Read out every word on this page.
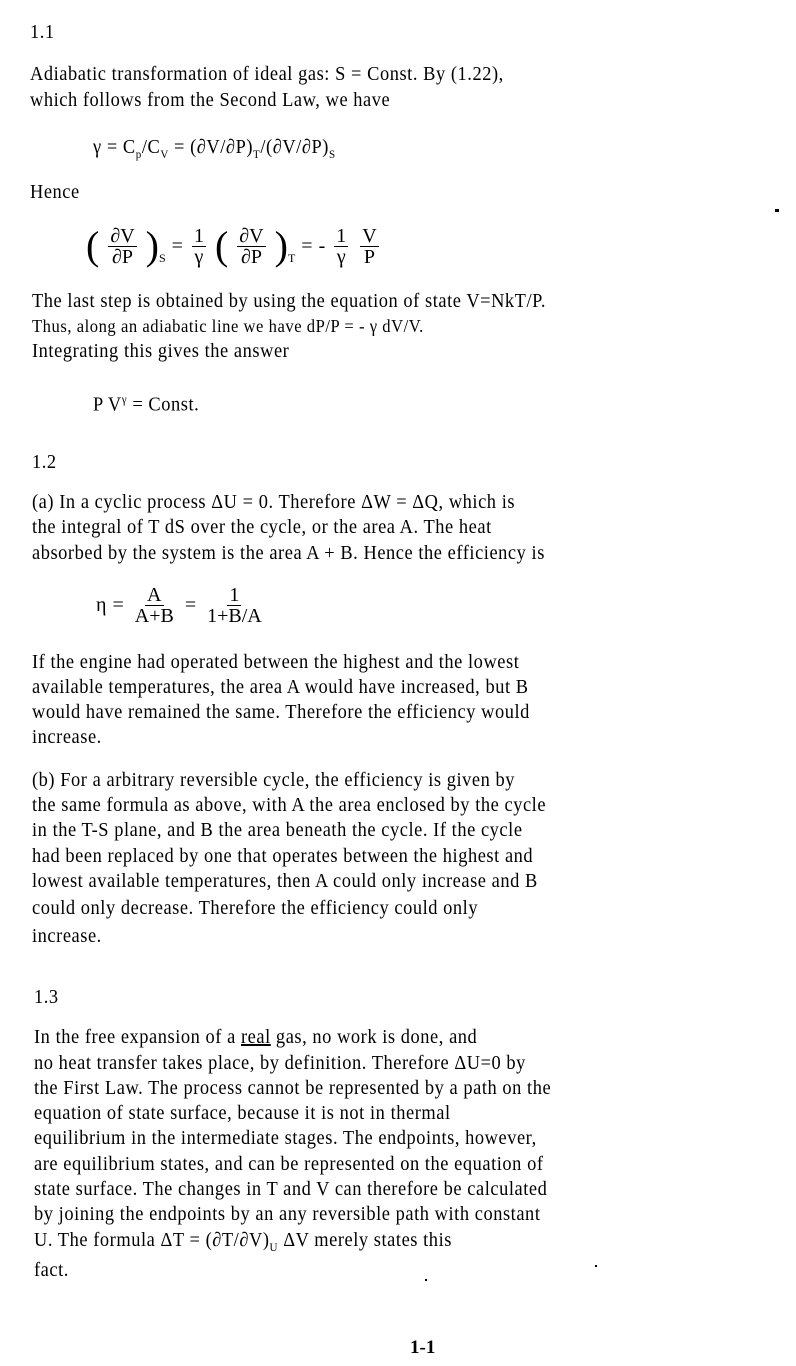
1.1
Adiabatic transformation of ideal gas: S = Const. By (1.22),
which follows from the Second Law, we have
$\gamma = C_p/C_V = (\partial V/\partial P)_T/(\partial V/\partial P)_S$
Hence
( $\frac{\partial V}{\partial P} )_S$
= $\frac{1}{\gamma}$ ( $\frac{\partial V}{\partial P} )_T$
= - $\frac{1}{\gamma} \frac{V}{P}$
The last step is obtained by using the equation of state V=NkT/P.
Thus, along an adiabatic line we have dP/P = - γ dV/V.
Integrating this gives the answer
P $V^\gamma$ = Const.
1.2
(a) In a cyclic process ΔU = 0. Therefore ΔW = ΔQ, which is
the integral of T dS over the cycle, or the area A. The heat
absorbed by the system is the area A + B. Hence the efficiency is
$\eta = \frac{A}{A+B} = \frac{1}{1+B/A}$
If the engine had operated between the highest and the lowest
available temperatures, the area A would have increased, but B
would have remained the same. Therefore the efficiency would
increase.
(b) For a arbitrary reversible cycle, the efficiency is given by
the same formula as above, with A the area enclosed by the cycle
in the T-S plane, and B the area beneath the cycle. If the cycle
had been replaced by one that operates between the highest and
lowest available temperatures, then A could only increase and B
could only decrease. Therefore the efficiency could only
increase.
1.3
In the free expansion of a real gas, no work is done, and
no heat transfer takes place, by definition. Therefore ΔU=0 by
the First Law. The process cannot be represented by a path on the
equation of state surface, because it is not in thermal
equilibrium in the intermediate stages. The endpoints, however,
are equilibrium states, and can be represented on the equation of
state surface. The changes in T and V can therefore be calculated
by joining the endpoints by an any reversible path with constant
U. The formula $\Delta T = (\partial T/\partial V)_U$ ΔV merely states this
fact.
1-1
